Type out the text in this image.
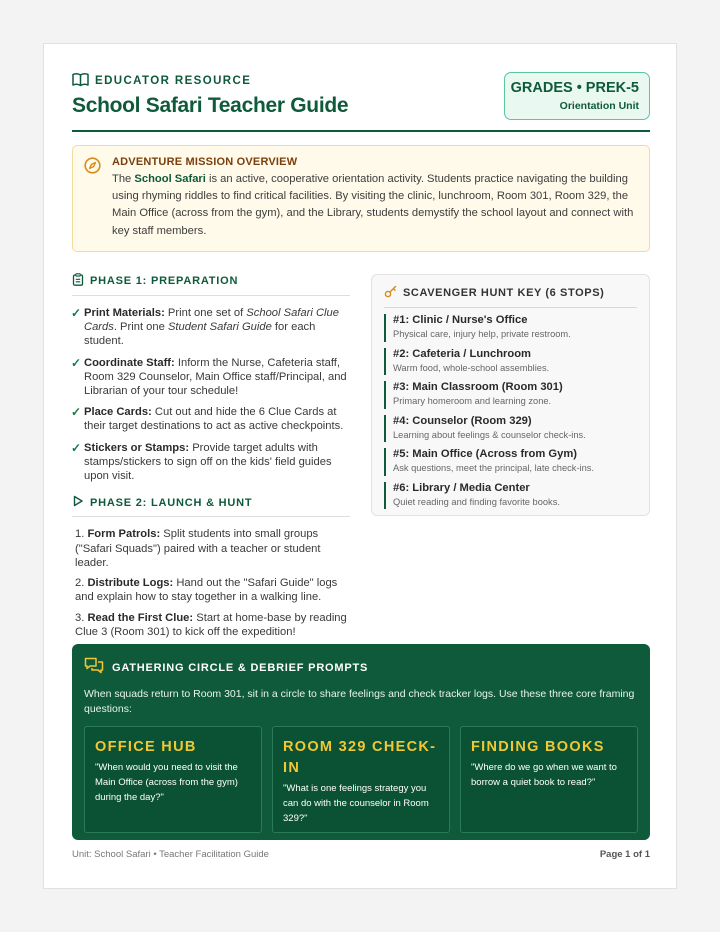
EDUCATOR RESOURCE
School Safari Teacher Guide
GRADES • PREK-5
Orientation Unit
ADVENTURE MISSION OVERVIEW
The School Safari is an active, cooperative orientation activity. Students practice navigating the building using rhyming riddles to find critical facilities. By visiting the clinic, lunchroom, Room 301, Room 329, the Main Office (across from the gym), and the Library, students demystify the school layout and connect with key staff members.
PHASE 1: PREPARATION
✓ Print Materials: Print one set of School Safari Clue Cards. Print one Student Safari Guide for each student.
✓ Coordinate Staff: Inform the Nurse, Cafeteria staff, Room 329 Counselor, Main Office staff/Principal, and Librarian of your tour schedule!
✓ Place Cards: Cut out and hide the 6 Clue Cards at their target destinations to act as active checkpoints.
✓ Stickers or Stamps: Provide target adults with stamps/stickers to sign off on the kids' field guides upon visit.
PHASE 2: LAUNCH & HUNT
1. Form Patrols: Split students into small groups ("Safari Squads") paired with a teacher or student leader.
2. Distribute Logs: Hand out the "Safari Guide" logs and explain how to stay together in a walking line.
3. Read the First Clue: Start at home-base by reading Clue 3 (Room 301) to kick off the expedition!
SCAVENGER HUNT KEY (6 STOPS)
#1: Clinic / Nurse's Office
Physical care, injury help, private restroom.
#2: Cafeteria / Lunchroom
Warm food, whole-school assemblies.
#3: Main Classroom (Room 301)
Primary homeroom and learning zone.
#4: Counselor (Room 329)
Learning about feelings & counselor check-ins.
#5: Main Office (Across from Gym)
Ask questions, meet the principal, late check-ins.
#6: Library / Media Center
Quiet reading and finding favorite books.
GATHERING CIRCLE & DEBRIEF PROMPTS
When squads return to Room 301, sit in a circle to share feelings and check tracker logs. Use these three core framing questions:
OFFICE HUB
"When would you need to visit the Main Office (across from the gym) during the day?"
ROOM 329 CHECK-IN
"What is one feelings strategy you can do with the counselor in Room 329?"
FINDING BOOKS
"Where do we go when we want to borrow a quiet book to read?"
Unit: School Safari • Teacher Facilitation Guide	Page 1 of 1
